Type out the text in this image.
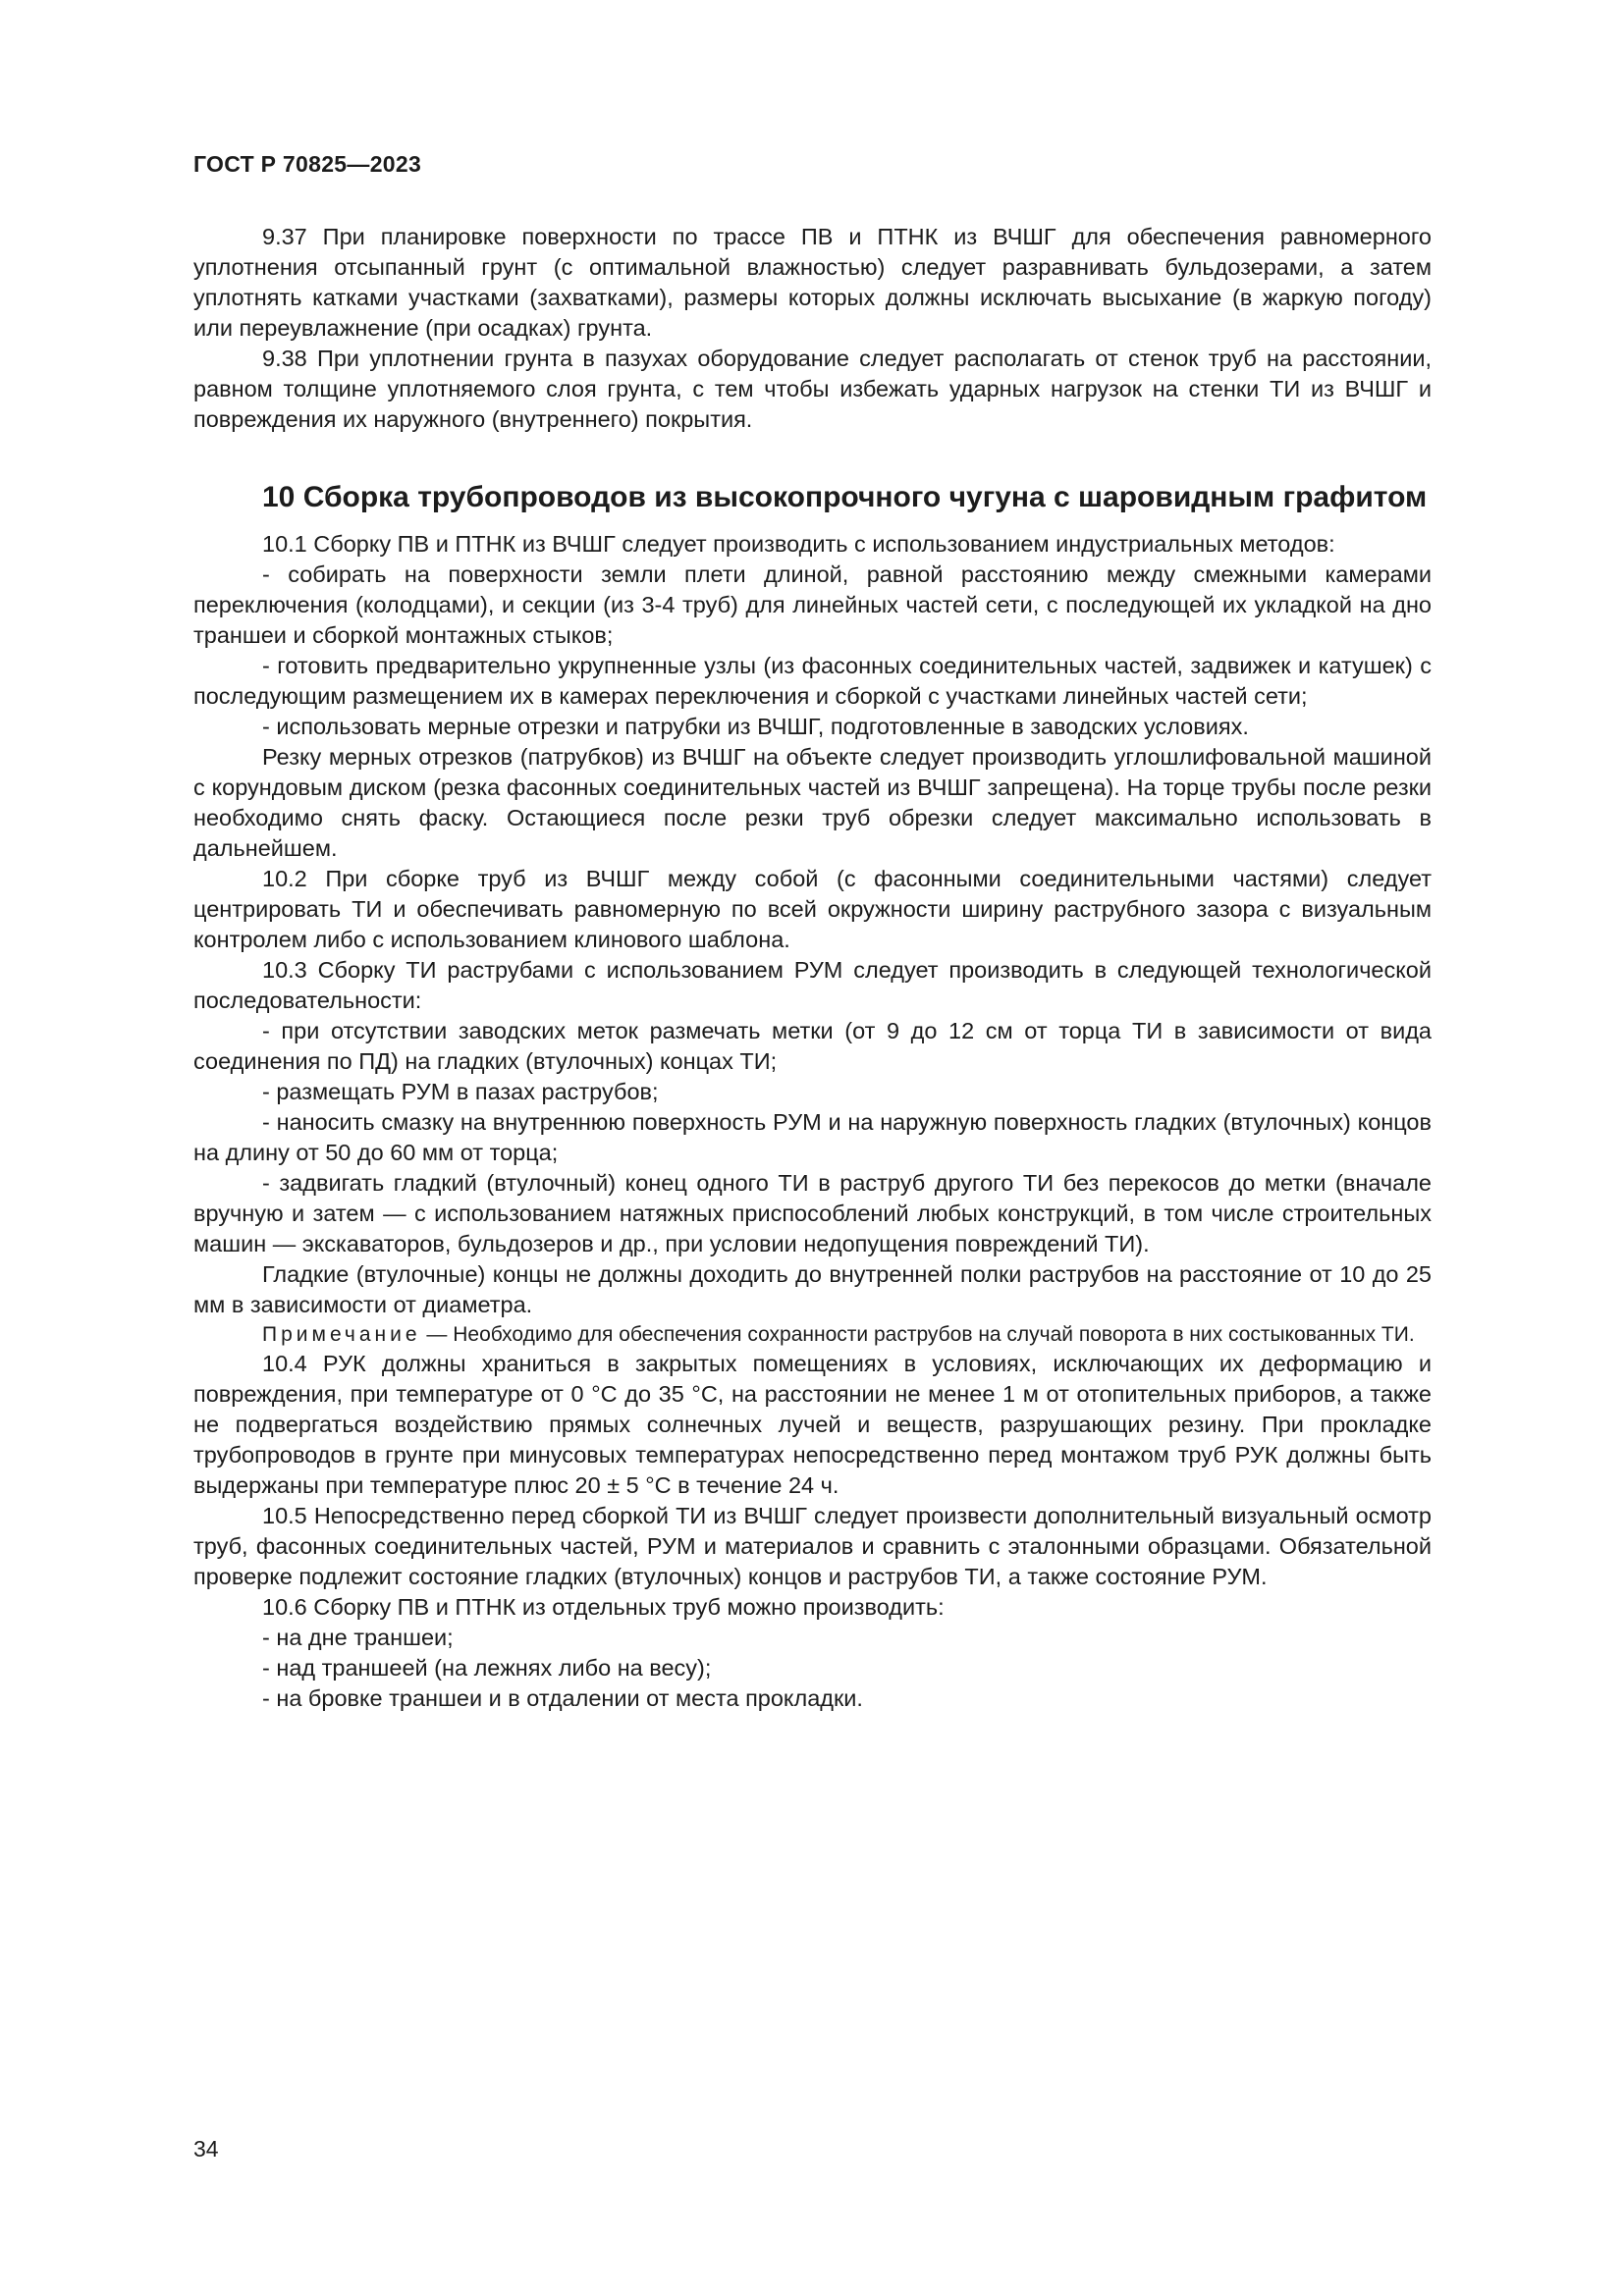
ГОСТ Р 70825—2023

9.37 При планировке поверхности по трассе ПВ и ПТНК из ВЧШГ для обеспечения равномерного уплотнения отсыпанный грунт (с оптимальной влажностью) следует разравнивать бульдозерами, а затем уплотнять катками участками (захватками), размеры которых должны исключать высыхание (в жаркую погоду) или переувлажнение (при осадках) грунта.

9.38 При уплотнении грунта в пазухах оборудование следует располагать от стенок труб на расстоянии, равном толщине уплотняемого слоя грунта, с тем чтобы избежать ударных нагрузок на стенки ТИ из ВЧШГ и повреждения их наружного (внутреннего) покрытия.

10 Сборка трубопроводов из высокопрочного чугуна с шаровидным графитом

10.1 Сборку ПВ и ПТНК из ВЧШГ следует производить с использованием индустриальных методов:

- собирать на поверхности земли плети длиной, равной расстоянию между смежными камерами переключения (колодцами), и секции (из 3-4 труб) для линейных частей сети, с последующей их укладкой на дно траншеи и сборкой монтажных стыков;

- готовить предварительно укрупненные узлы (из фасонных соединительных частей, задвижек и катушек) с последующим размещением их в камерах переключения и сборкой с участками линейных частей сети;

- использовать мерные отрезки и патрубки из ВЧШГ, подготовленные в заводских условиях.

Резку мерных отрезков (патрубков) из ВЧШГ на объекте следует производить углошлифовальной машиной с корундовым диском (резка фасонных соединительных частей из ВЧШГ запрещена). На торце трубы после резки необходимо снять фаску. Остающиеся после резки труб обрезки следует максимально использовать в дальнейшем.

10.2 При сборке труб из ВЧШГ между собой (с фасонными соединительными частями) следует центрировать ТИ и обеспечивать равномерную по всей окружности ширину раструбного зазора с визуальным контролем либо с использованием клинового шаблона.

10.3 Сборку ТИ раструбами с использованием РУМ следует производить в следующей технологической последовательности:

- при отсутствии заводских меток размечать метки (от 9 до 12 см от торца ТИ в зависимости от вида соединения по ПД) на гладких (втулочных) концах ТИ;

- размещать РУМ в пазах раструбов;

- наносить смазку на внутреннюю поверхность РУМ и на наружную поверхность гладких (втулочных) концов на длину от 50 до 60 мм от торца;

- задвигать гладкий (втулочный) конец одного ТИ в раструб другого ТИ без перекосов до метки (вначале вручную и затем — с использованием натяжных приспособлений любых конструкций, в том числе строительных машин — экскаваторов, бульдозеров и др., при условии недопущения повреждений ТИ).

Гладкие (втулочные) концы не должны доходить до внутренней полки раструбов на расстояние от 10 до 25 мм в зависимости от диаметра.

Примечание — Необходимо для обеспечения сохранности раструбов на случай поворота в них состыкованных ТИ.

10.4 РУК должны храниться в закрытых помещениях в условиях, исключающих их деформацию и повреждения, при температуре от 0 °С до 35 °С, на расстоянии не менее 1 м от отопительных приборов, а также не подвергаться воздействию прямых солнечных лучей и веществ, разрушающих резину. При прокладке трубопроводов в грунте при минусовых температурах непосредственно перед монтажом труб РУК должны быть выдержаны при температуре плюс 20 ± 5 °С в течение 24 ч.

10.5 Непосредственно перед сборкой ТИ из ВЧШГ следует произвести дополнительный визуальный осмотр труб, фасонных соединительных частей, РУМ и материалов и сравнить с эталонными образцами. Обязательной проверке подлежит состояние гладких (втулочных) концов и раструбов ТИ, а также состояние РУМ.

10.6 Сборку ПВ и ПТНК из отдельных труб можно производить:

- на дне траншеи;

- над траншеей (на лежнях либо на весу);

- на бровке траншеи и в отдалении от места прокладки.

34
